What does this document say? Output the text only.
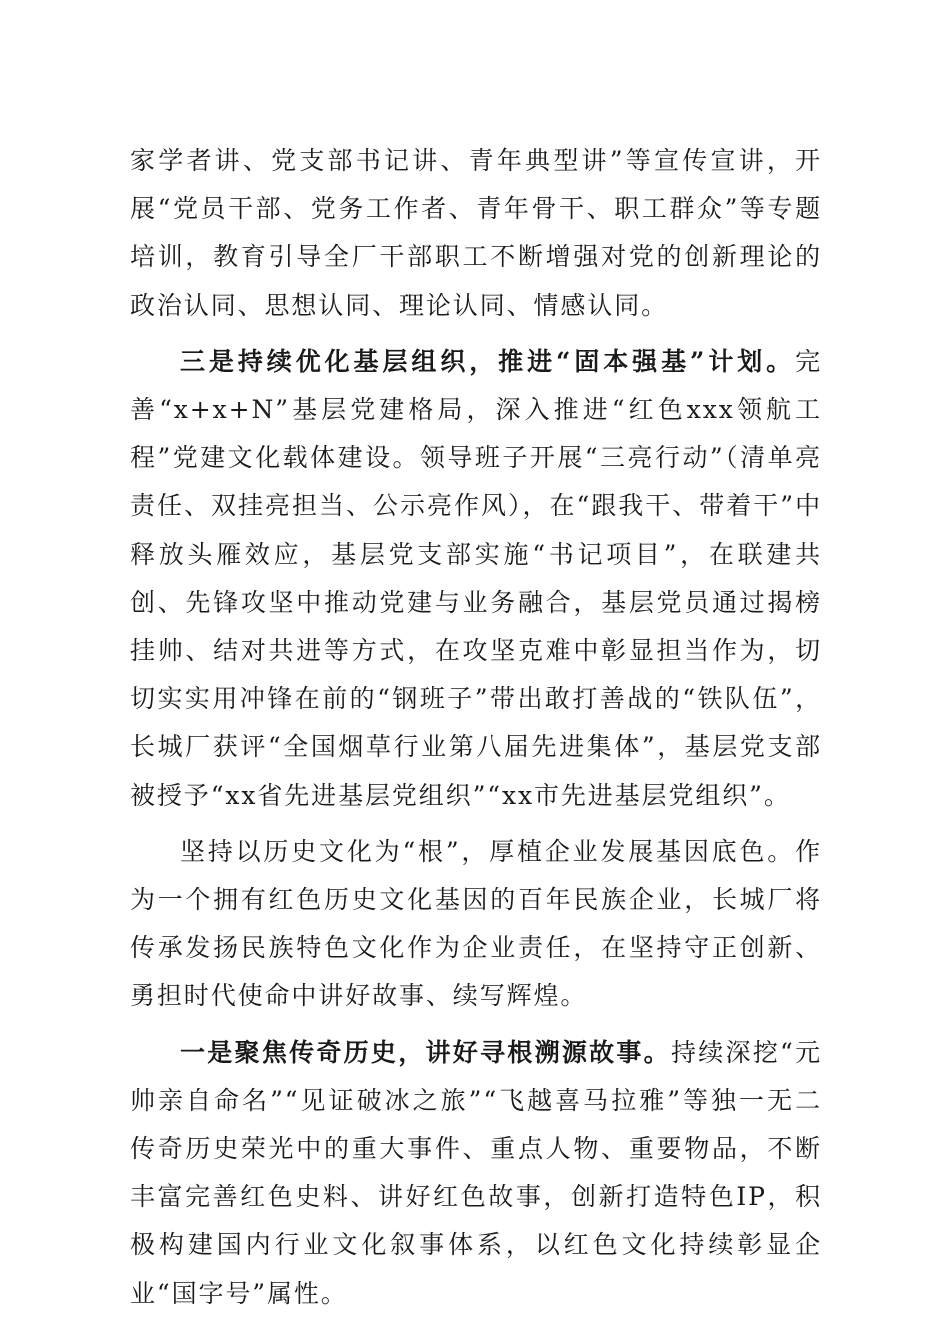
家学者讲、党支部书记讲、青年典型讲”等宣传宣讲，开展“党员干部、党务工作者、青年骨干、职工群众”等专题培训，教育引导全厂干部职工不断增强对党的创新理论的政治认同、思想认同、理论认同、情感认同。

三是持续优化基层组织，推进“固本强基”计划。完善“x+x+N”基层党建格局，深入推进“红色xxx领航工程”党建文化载体建设。领导班子开展“三亮行动”（清单亮责任、双挂亮担当、公示亮作风），在“跟我干、带着干”中释放头雁效应，基层党支部实施“书记项目”，在联建共创、先锋攻坚中推动党建与业务融合，基层党员通过揭榜挂帅、结对共进等方式，在攻坚克难中彰显担当作为，切切实实用冲锋在前的“钢班子”带出敢打善战的“铁队伍”，长城厂获评“全国烟草行业第八届先进集体”，基层党支部被授予“xx省先进基层党组织”“xx市先进基层党组织”。

坚持以历史文化为“根”，厚植企业发展基因底色。作为一个拥有红色历史文化基因的百年民族企业，长城厂将传承发扬民族特色文化作为企业责任，在坚持守正创新、勇担时代使命中讲好故事、续写辉煌。

一是聚焦传奇历史，讲好寻根溯源故事。持续深挖“元帅亲自命名”“见证破冰之旅”“飞越喜马拉雅”等独一无二传奇历史荣光中的重大事件、重点人物、重要物品，不断丰富完善红色史料、讲好红色故事，创新打造特色IP，积极构建国内行业文化叙事体系，以红色文化持续彰显企业“国字号”属性。
